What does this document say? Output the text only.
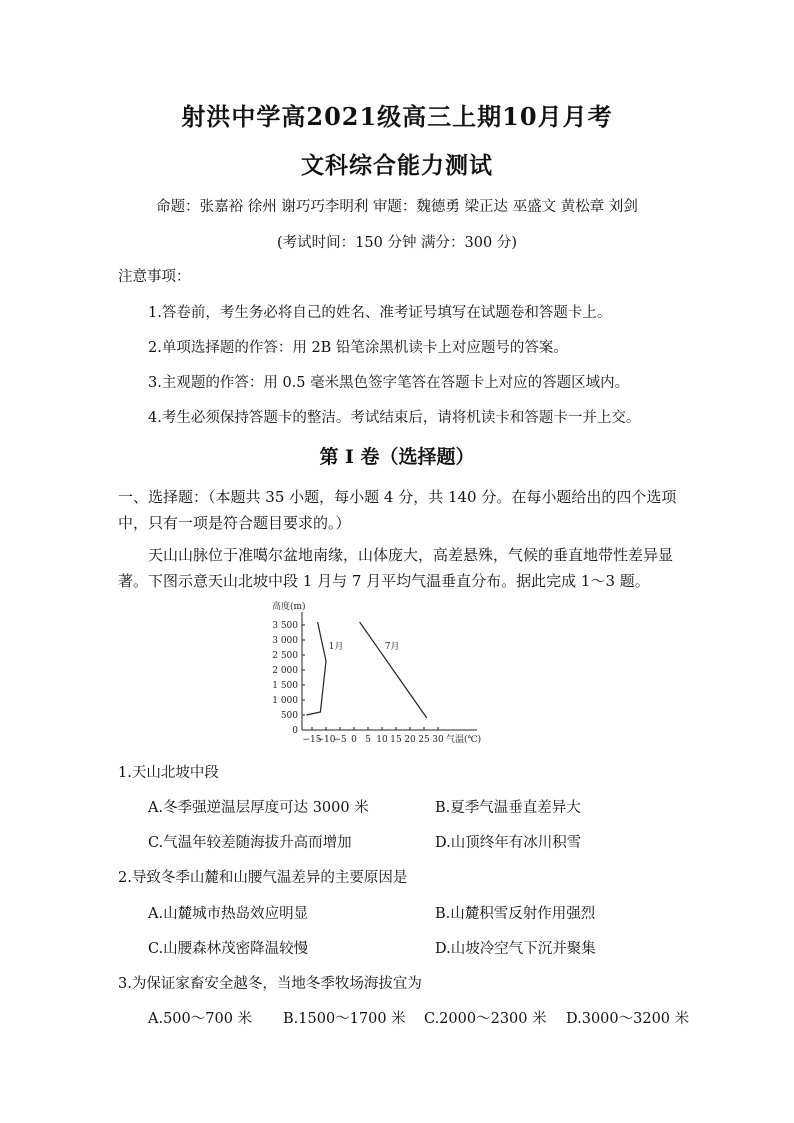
射洪中学高2021级高三上期10月月考
文科综合能力测试
命题：张嘉裕 徐州 谢巧巧李明利 审题：魏德勇 梁正达 巫盛文 黄松章 刘剑
(考试时间：150 分钟 满分：300 分)
注意事项：
1.答卷前，考生务必将自己的姓名、准考证号填写在试题卷和答题卡上。
2.单项选择题的作答：用 2B 铅笔涂黑机读卡上对应题号的答案。
3.主观题的作答：用 0.5 毫米黑色签字笔答在答题卡上对应的答题区域内。
4.考生必须保持答题卡的整洁。考试结束后，请将机读卡和答题卡一并上交。
第 I 卷（选择题）
一、选择题：（本题共 35 小题，每小题 4 分，共 140 分。在每小题给出的四个选项中，只有一项是符合题目要求的。）
天山山脉位于准噶尔盆地南缘，山体庞大，高差悬殊，气候的垂直地带性差异显著。下图示意天山北坡中段 1 月与 7 月平均气温垂直分布。据此完成 1～3 题。
高度(m)
0
500
1 000
1 500
2 000
2 500
3 000
3 500
−15
−10
−5 0 5 10 15 20 25 30 气温(℃)
1月	7月
1.天山北坡中段
A.冬季强逆温层厚度可达 3000 米	B.夏季气温垂直差异大
C.气温年较差随海拔升高而增加	D.山顶终年有冰川积雪
2.导致冬季山麓和山腰气温差异的主要原因是
A.山麓城市热岛效应明显	B.山麓积雪反射作用强烈
C.山腰森林茂密降温较慢	D.山坡冷空气下沉并聚集
3.为保证家畜安全越冬，当地冬季牧场海拔宜为
A.500～700 米 B.1500～1700 米 C.2000～2300 米 D.3000～3200 米
